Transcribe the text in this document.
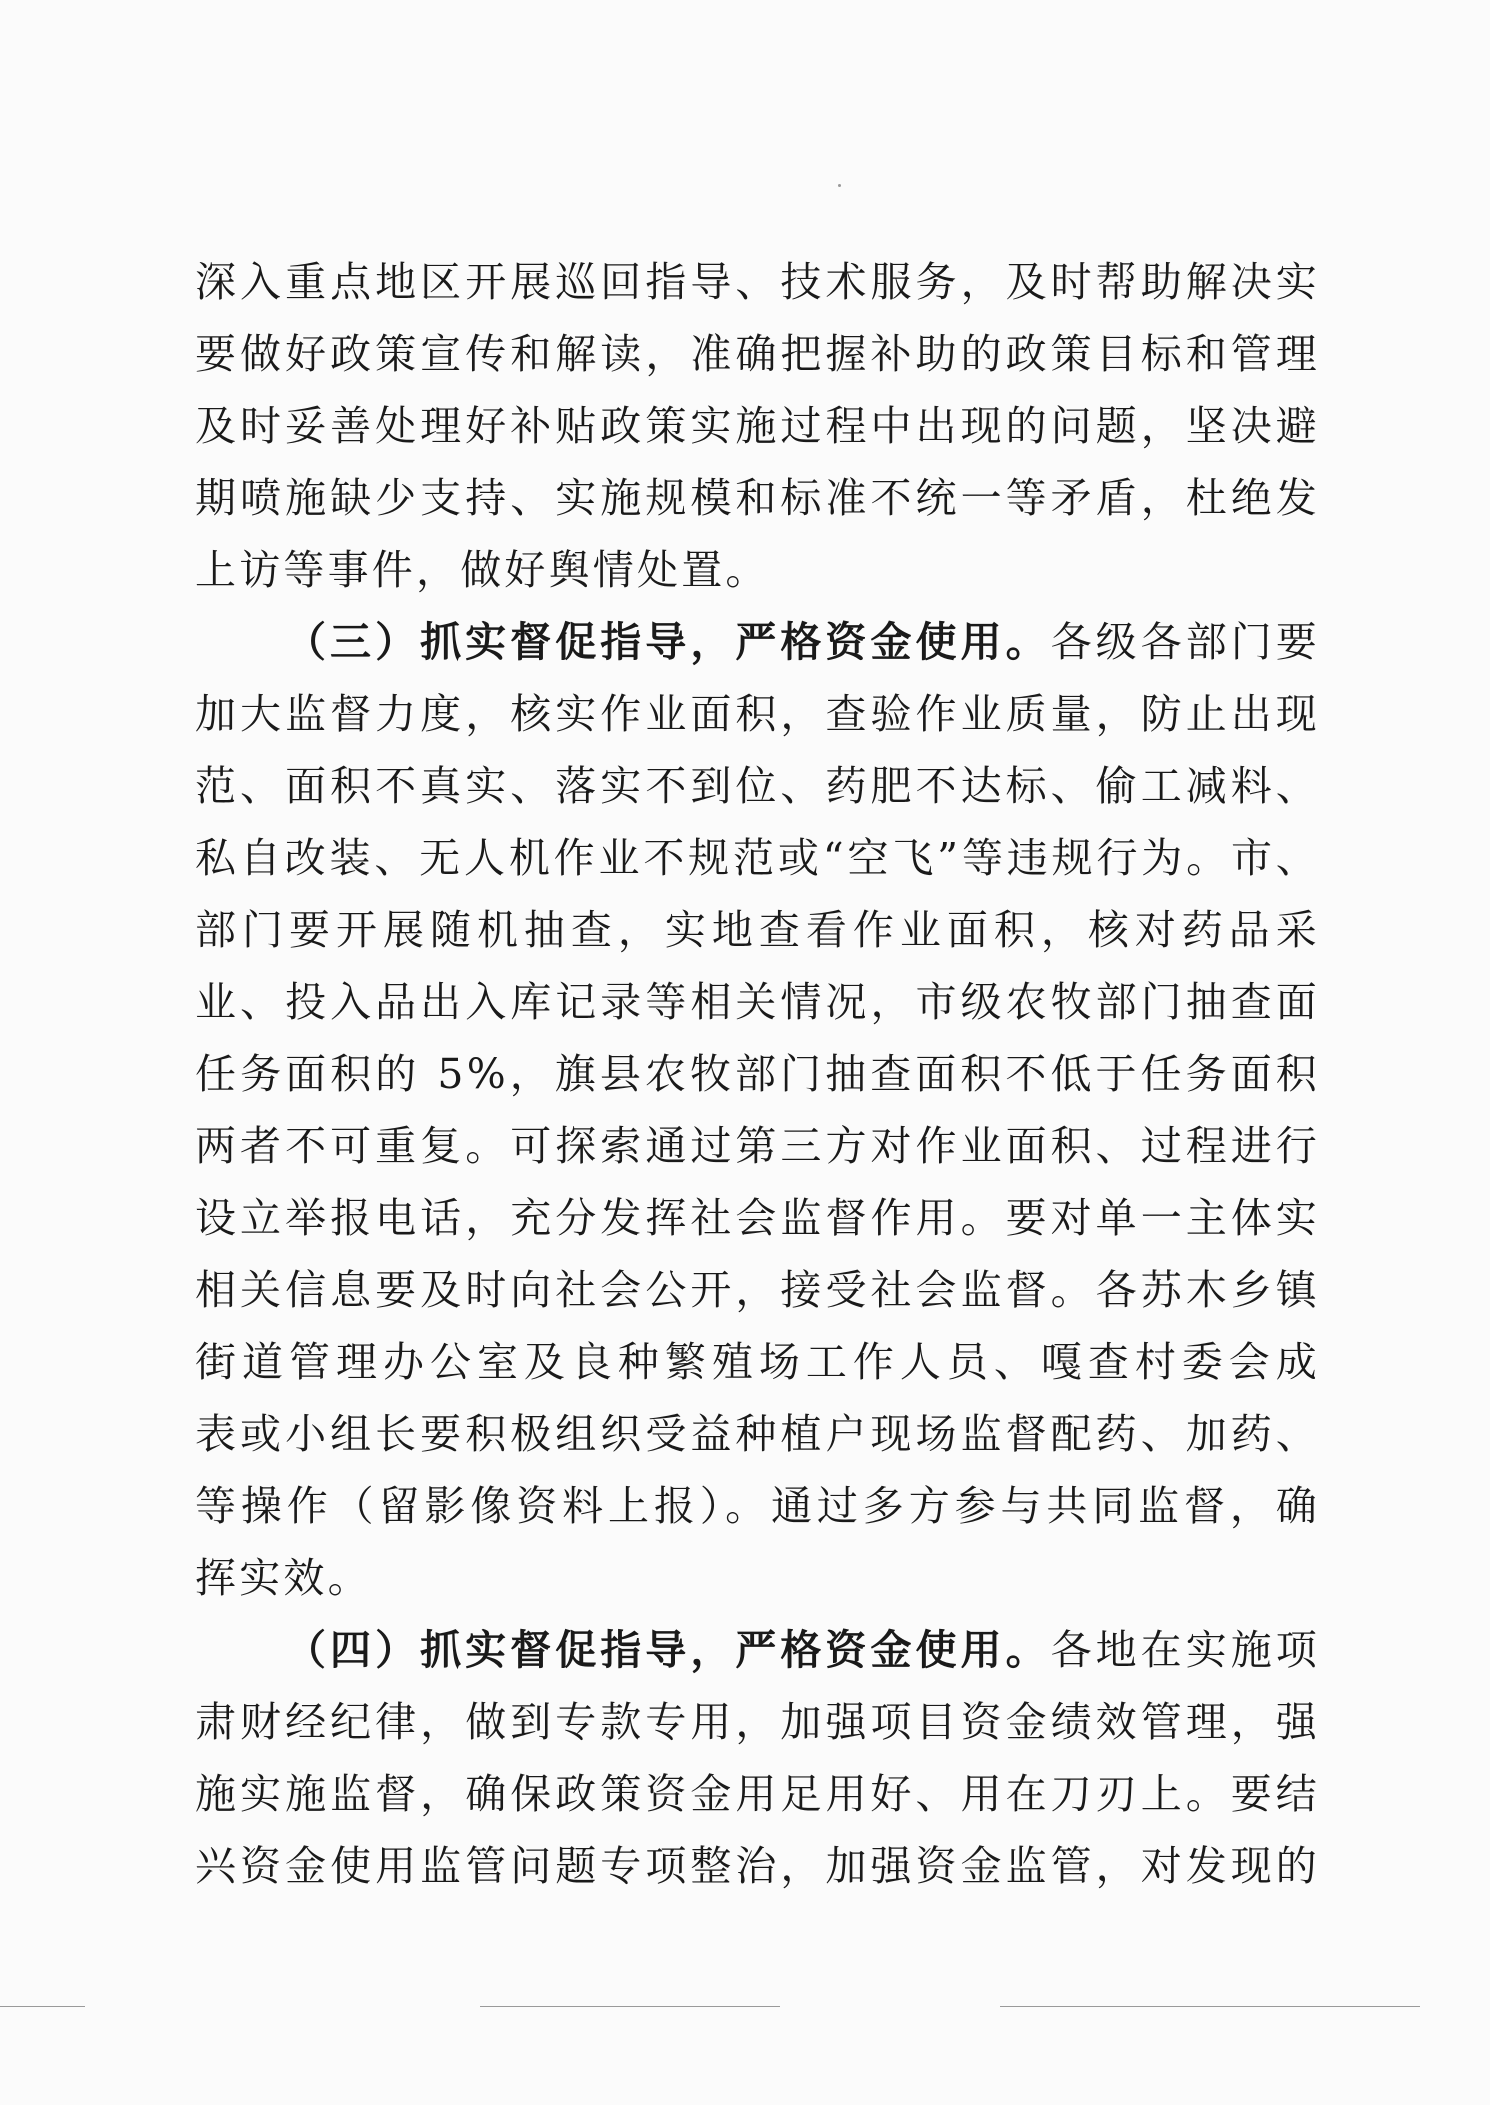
深入重点地区开展巡回指导、技术服务，及时帮助解决实
要做好政策宣传和解读，准确把握补助的政策目标和管理
及时妥善处理好补贴政策实施过程中出现的问题，坚决避
期喷施缺少支持、实施规模和标准不统一等矛盾，杜绝发
上访等事件，做好舆情处置。
（三）抓实督促指导，严格资金使用。各级各部门要
加大监督力度，核实作业面积，查验作业质量，防止出现
范、面积不真实、落实不到位、药肥不达标、偷工减料、
私自改装、无人机作业不规范或“空飞”等违规行为。市、
部门要开展随机抽查，实地查看作业面积，核对药品采
业、投入品出入库记录等相关情况，市级农牧部门抽查面
任务面积的 5%，旗县农牧部门抽查面积不低于任务面积
两者不可重复。可探索通过第三方对作业面积、过程进行
设立举报电话，充分发挥社会监督作用。要对单一主体实
相关信息要及时向社会公开，接受社会监督。各苏木乡镇
街道管理办公室及良种繁殖场工作人员、嘎查村委会成
表或小组长要积极组织受益种植户现场监督配药、加药、
等操作（留影像资料上报）。通过多方参与共同监督，确
挥实效。
（四）抓实督促指导，严格资金使用。各地在实施项
肃财经纪律，做到专款专用，加强项目资金绩效管理，强
施实施监督，确保政策资金用足用好、用在刀刃上。要结
兴资金使用监管问题专项整治，加强资金监管，对发现的
